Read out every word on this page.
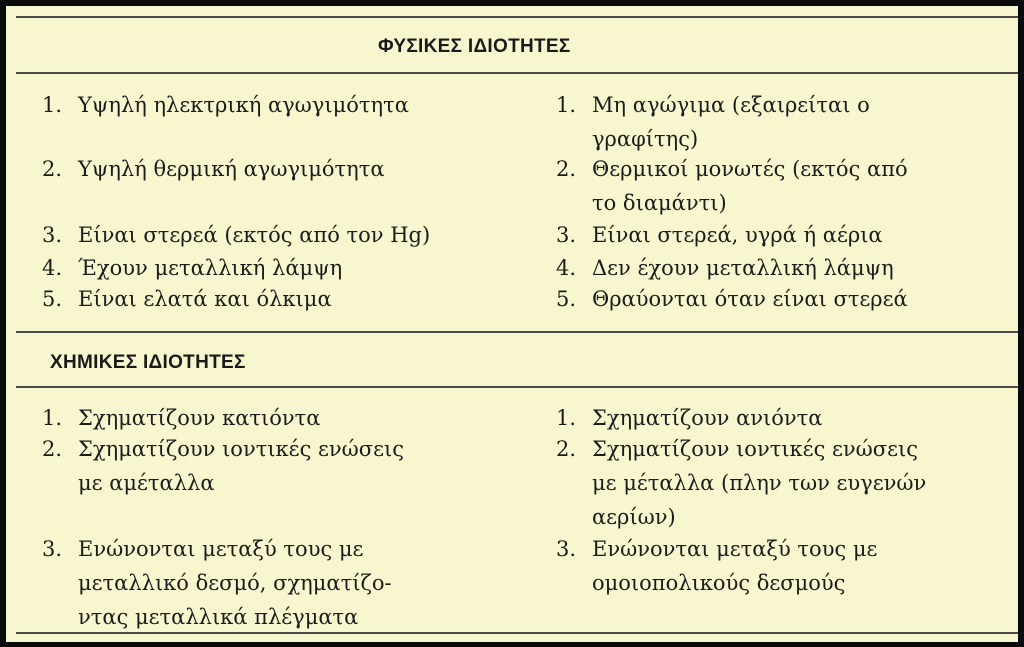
ΦΥΣΙΚΕΣ ΙΔΙΟΤΗΤΕΣ
1. Υψηλή ηλεκτρική αγωγιμότητα
2. Υψηλή θερμική αγωγιμότητα
3. Είναι στερεά (εκτός από τον Hg)
4. Έχουν μεταλλική λάμψη
5. Είναι ελατά και όλκιμα
1. Μη αγώγιμα (εξαιρείται ο
γραφίτης)
2. Θερμικοί μονωτές (εκτός από
το διαμάντι)
3. Είναι στερεά, υγρά ή αέρια
4. Δεν έχουν μεταλλική λάμψη
5. Θραύονται όταν είναι στερεά
ΧΗΜΙΚΕΣ ΙΔΙΟΤΗΤΕΣ
1. Σχηματίζουν κατιόντα
2. Σχηματίζουν ιοντικές ενώσεις
με αμέταλλα
3. Ενώνονται μεταξύ τους με
μεταλλικό δεσμό, σχηματίζο-
ντας μεταλλικά πλέγματα
1. Σχηματίζουν ανιόντα
2. Σχηματίζουν ιοντικές ενώσεις
με μέταλλα (πλην των ευγενών
αερίων)
3. Ενώνονται μεταξύ τους με
ομοιοπολικούς δεσμούς
